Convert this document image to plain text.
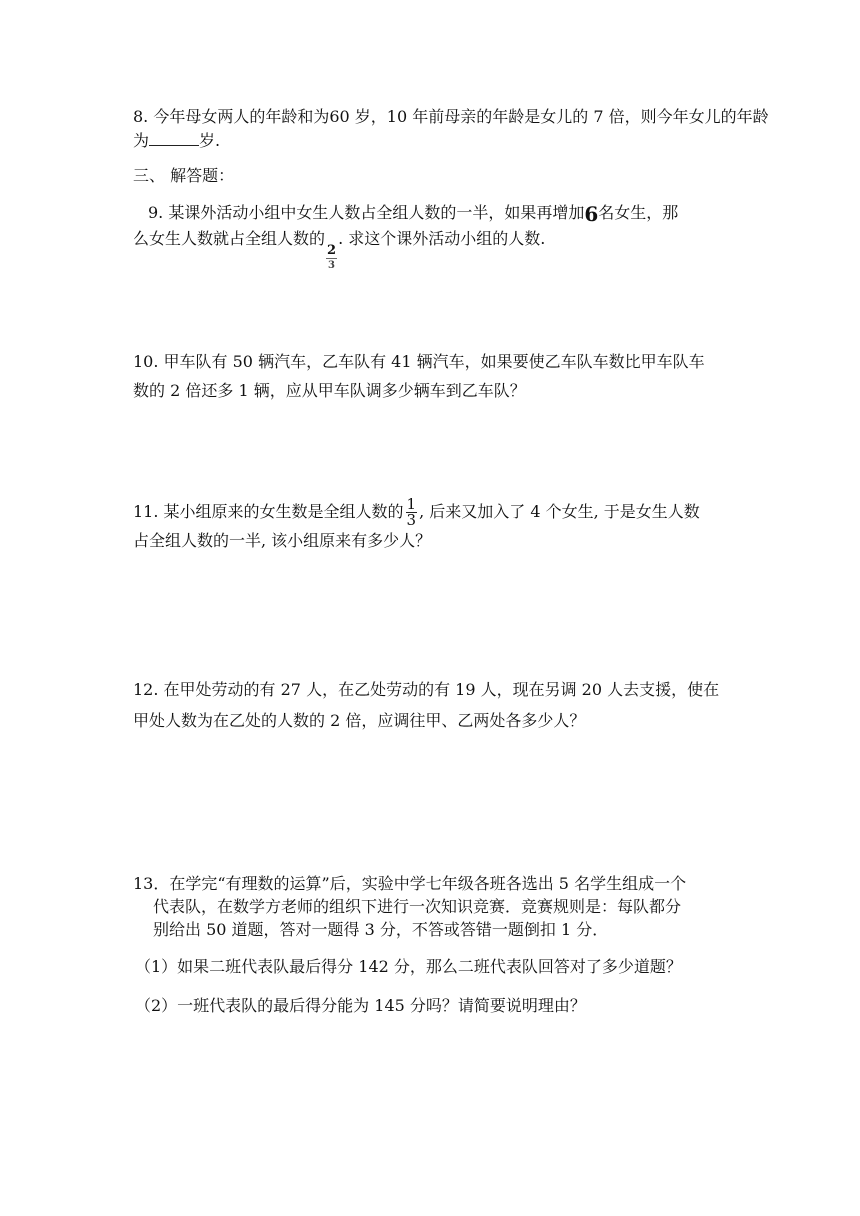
8. 今年母女两人的年龄和为60 岁，10 年前母亲的年龄是女儿的 7 倍，则今年女儿的年龄
为	岁.
三、 解答题：
9. 某课外活动小组中女生人数占全组人数的一半，如果再增加6名女生，那
么女生人数就占全组人数的
$\frac{2}{3}$
. 求这个课外活动小组的人数.
10. 甲车队有 50 辆汽车，乙车队有 41 辆汽车，如果要使乙车队车数比甲车队车
数的 2 倍还多 1 辆，应从甲车队调多少辆车到乙车队？
11. 某小组原来的女生数是全组人数的 $\frac{1}{3}$ , 后来又加入了 4 个女生, 于是女生人数
占全组人数的一半, 该小组原来有多少人？
12. 在甲处劳动的有 27 人，在乙处劳动的有 19 人，现在另调 20 人去支援，使在
甲处人数为在乙处的人数的 2 倍，应调往甲、乙两处各多少人？
13．在学完“有理数的运算”后，实验中学七年级各班各选出 5 名学生组成一个
代表队，在数学方老师的组织下进行一次知识竞赛．竞赛规则是：每队都分
别给出 50 道题，答对一题得 3 分，不答或答错一题倒扣 1 分．
（1）如果二班代表队最后得分 142 分，那么二班代表队回答对了多少道题？
（2）一班代表队的最后得分能为 145 分吗？请简要说明理由？
